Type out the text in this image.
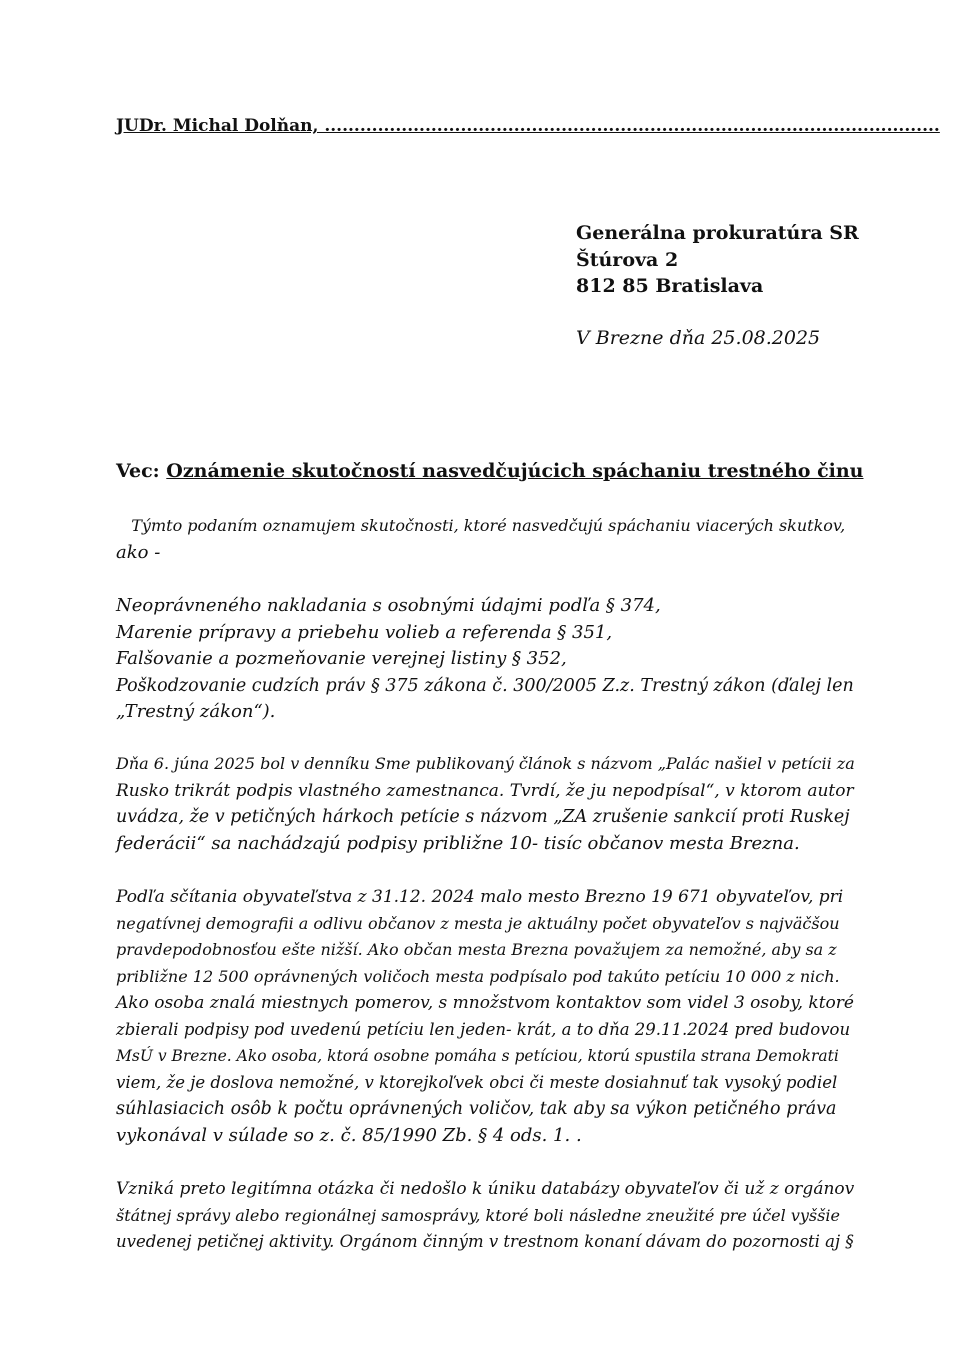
JUDr. Michal Dolňan, ........................................................................................................
Generálna prokuratúra SR
Štúrova 2
812 85 Bratislava
V Brezne dňa 25.08.2025
Vec: Oznámenie skutočností nasvedčujúcich spáchaniu trestného činu
Týmto podaním oznamujem skutočnosti, ktoré nasvedčujú spáchaniu viacerých skutkov,
ako -
Neoprávneného nakladania s osobnými údajmi podľa § 374,
Marenie prípravy a priebehu volieb a referenda § 351,
Falšovanie a pozmeňovanie verejnej listiny § 352,
Poškodzovanie cudzích práv § 375 zákona č. 300/2005 Z.z. Trestný zákon (ďalej len
„Trestný zákon“).
Dňa 6. júna 2025 bol v denníku Sme publikovaný článok s názvom „Palác našiel v petícii za
Rusko trikrát podpis vlastného zamestnanca. Tvrdí, že ju nepodpísal“, v ktorom autor
uvádza, že v petičných hárkoch petície s názvom „ZA zrušenie sankcií proti Ruskej
federácii“ sa nachádzajú podpisy približne 10- tisíc občanov mesta Brezna.
Podľa sčítania obyvateľstva z 31.12. 2024 malo mesto Brezno 19 671 obyvateľov, pri
negatívnej demografii a odlivu občanov z mesta je aktuálny počet obyvateľov s najväčšou
pravdepodobnosťou ešte nižší. Ako občan mesta Brezna považujem za nemožné, aby sa z
približne 12 500 oprávnených voličoch mesta podpísalo pod takúto petíciu 10 000 z nich.
Ako osoba znalá miestnych pomerov, s množstvom kontaktov som videl 3 osoby, ktoré
zbierali podpisy pod uvedenú petíciu len jeden- krát, a to dňa 29.11.2024 pred budovou
MsÚ v Brezne. Ako osoba, ktorá osobne pomáha s petíciou, ktorú spustila strana Demokrati
viem, že je doslova nemožné, v ktorejkoľvek obci či meste dosiahnuť tak vysoký podiel
súhlasiacich osôb k počtu oprávnených voličov, tak aby sa výkon petičného práva
vykonával v súlade so z. č. 85/1990 Zb. § 4 ods. 1. .
Vzniká preto legitímna otázka či nedošlo k úniku databázy obyvateľov či už z orgánov
štátnej správy alebo regionálnej samosprávy, ktoré boli následne zneužité pre účel vyššie
uvedenej petičnej aktivity. Orgánom činným v trestnom konaní dávam do pozornosti aj §
